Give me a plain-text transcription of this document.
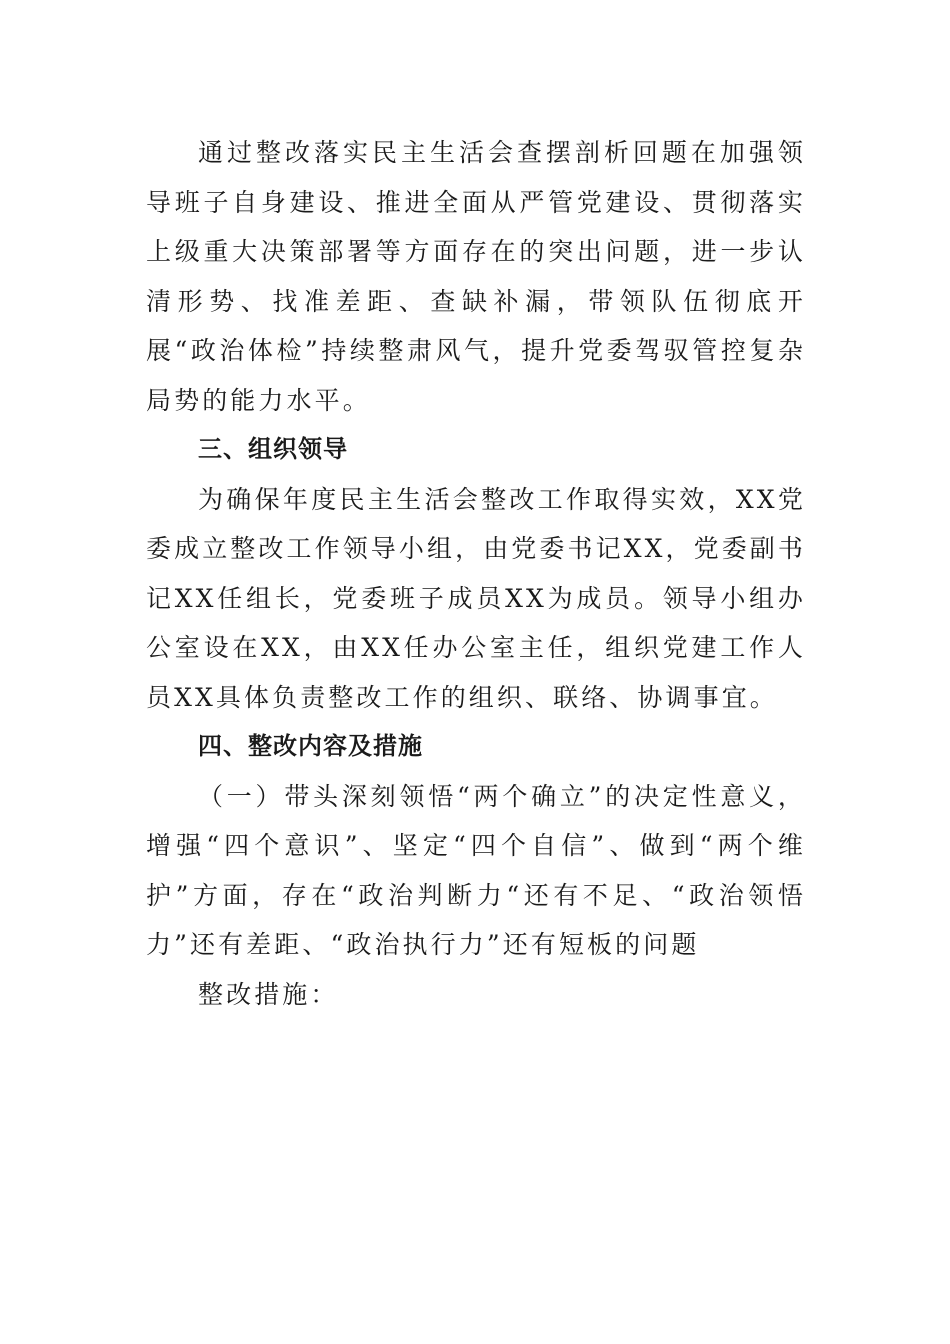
通过整改落实民主生活会查摆剖析回题在加强领导班子自身建设、推进全面从严管党建设、贯彻落实上级重大决策部署等方面存在的突出问题，进一步认清形势、找准差距、查缺补漏，带领队伍彻底开展“政治体检”持续整肃风气，提升党委驾驭管控复杂局势的能力水平。

三、组织领导

为确保年度民主生活会整改工作取得实效，XX党委成立整改工作领导小组，由党委书记XX，党委副书记XX任组长，党委班子成员XX为成员。领导小组办公室设在XX，由XX任办公室主任，组织党建工作人员XX具体负责整改工作的组织、联络、协调事宜。

四、整改内容及措施

（一）带头深刻领悟“两个确立”的决定性意义，增强“四个意识”、坚定“四个自信”、做到“两个维护”方面，存在“政治判断力“还有不足、“政治领悟力”还有差距、“政治执行力”还有短板的问题

整改措施：
